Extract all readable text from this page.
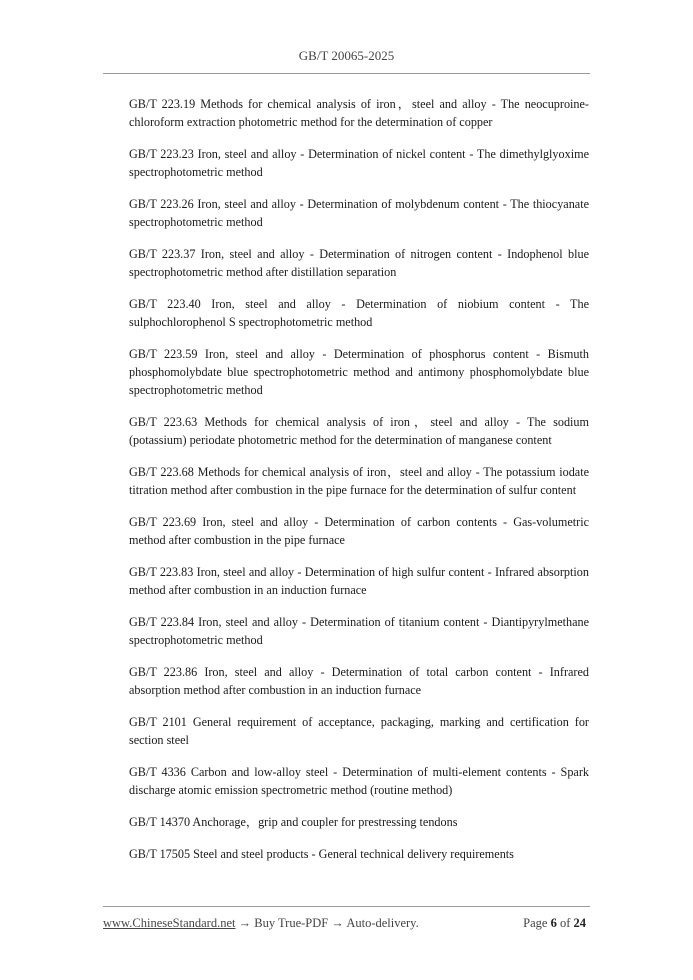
GB/T 20065-2025

GB/T 223.19 Methods for chemical analysis of iron，steel and alloy - The neocuproine-chloroform extraction photometric method for the determination of copper

GB/T 223.23 Iron, steel and alloy - Determination of nickel content - The dimethylglyoxime spectrophotometric method

GB/T 223.26 Iron, steel and alloy - Determination of molybdenum content - The thiocyanate spectrophotometric method

GB/T 223.37 Iron, steel and alloy - Determination of nitrogen content - Indophenol blue spectrophotometric method after distillation separation

GB/T 223.40 Iron, steel and alloy - Determination of niobium content - The sulphochlorophenol S spectrophotometric method

GB/T 223.59 Iron, steel and alloy - Determination of phosphorus content - Bismuth phosphomolybdate blue spectrophotometric method and antimony phosphomolybdate blue spectrophotometric method

GB/T 223.63 Methods for chemical analysis of iron，steel and alloy - The sodium (potassium) periodate photometric method for the determination of manganese content

GB/T 223.68 Methods for chemical analysis of iron，steel and alloy - The potassium iodate titration method after combustion in the pipe furnace for the determination of sulfur content

GB/T 223.69 Iron, steel and alloy - Determination of carbon contents - Gas-volumetric method after combustion in the pipe furnace

GB/T 223.83 Iron, steel and alloy - Determination of high sulfur content - Infrared absorption method after combustion in an induction furnace

GB/T 223.84 Iron, steel and alloy - Determination of titanium content - Diantipyrylmethane spectrophotometric method

GB/T 223.86 Iron, steel and alloy - Determination of total carbon content - Infrared absorption method after combustion in an induction furnace

GB/T 2101 General requirement of acceptance, packaging, marking and certification for section steel

GB/T 4336 Carbon and low-alloy steel - Determination of multi-element contents - Spark discharge atomic emission spectrometric method (routine method)

GB/T 14370 Anchorage，grip and coupler for prestressing tendons

GB/T 17505 Steel and steel products - General technical delivery requirements

www.ChineseStandard.net → Buy True-PDF → Auto-delivery.	Page 6 of 24
